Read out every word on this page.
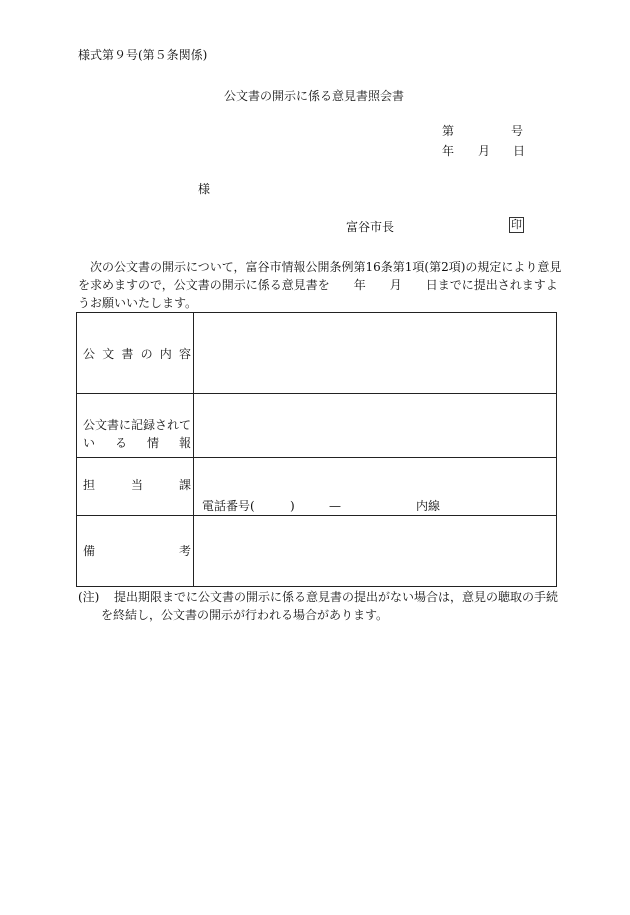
様式第９号(第５条関係)
公文書の開示に係る意見書照会書
第	号
年 月 日
様
富谷市長	印
次の公文書の開示について，富谷市情報公開条例第16条第1項(第2項)の規定により意見
を求めますので，公文書の開示に係る意見書を　　年　　月　　日までに提出されますよ
うお願いいたします。
公 文 書 の 内 容
公文書に記録されて
い る 情 報
担	当	課
電話番号(	)	—	内線
備	考
(注) 提出期限までに公文書の開示に係る意見書の提出がない場合は，意見の聴取の手続
を終結し，公文書の開示が行われる場合があります。
